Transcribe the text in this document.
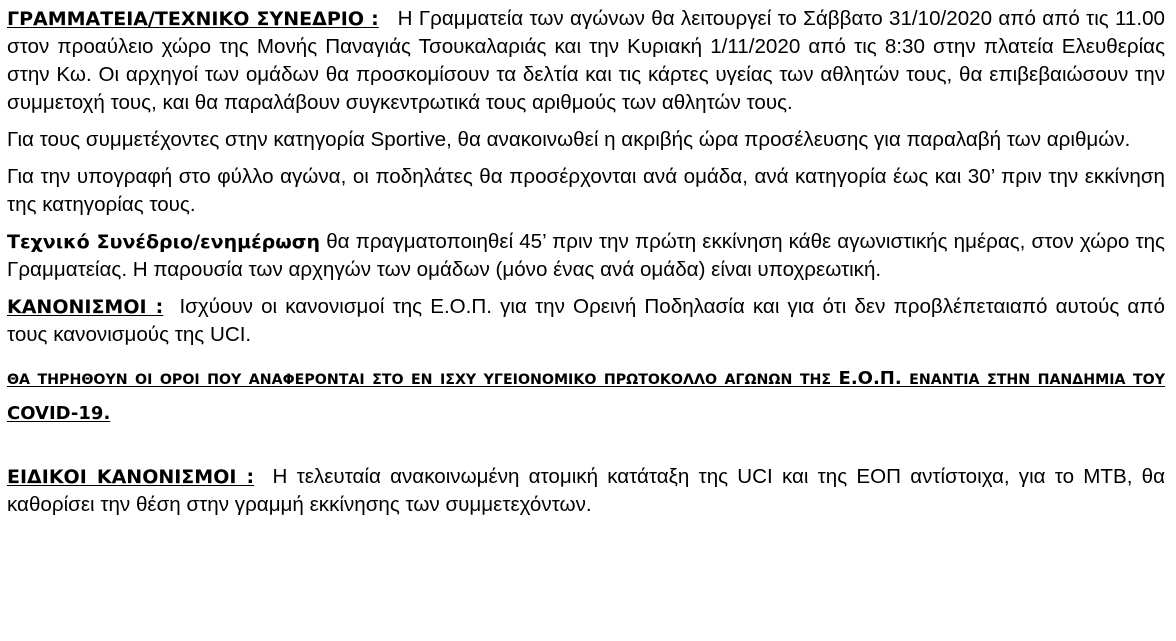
ΓΡΑΜΜΑΤΕΙΑ/ΤΕΧΝΙΚΟ ΣΥΝΕΔΡΙΟ : Η Γραμματεία των αγώνων θα λειτουργεί το Σάββατο 31/10/2020 από από τις 11.00 στον προαύλειο χώρο της Μονής Παναγιάς Τσουκαλαριάς και την Κυριακή 1/11/2020 από τις 8:30 στην πλατεία Ελευθερίας στην Κω. Οι αρχηγοί των ομάδων θα προσκομίσουν τα δελτία και τις κάρτες υγείας των αθλητών τους, θα επιβεβαιώσουν την συμμετοχή τους, και θα παραλάβουν συγκεντρωτικά τους αριθμούς των αθλητών τους.

Για τους συμμετέχοντες στην κατηγορία Sportive, θα ανακοινωθεί η ακριβής ώρα προσέλευσης για παραλαβή των αριθμών.

Για την υπογραφή στο φύλλο αγώνα, οι ποδηλάτες θα προσέρχονται ανά ομάδα, ανά κατηγορία έως και 30’ πριν την εκκίνηση της κατηγορίας τους.

Τεχνικό Συνέδριο/ενημέρωση θα πραγματοποιηθεί 45’ πριν την πρώτη εκκίνηση κάθε αγωνιστικής ημέρας, στον χώρο της Γραμματείας. Η παρουσία των αρχηγών των ομάδων (μόνο ένας ανά ομάδα) είναι υποχρεωτική.

ΚΑΝΟΝΙΣΜΟΙ : Ισχύουν οι κανονισμοί της Ε.Ο.Π. για την Ορεινή Ποδηλασία και για ότι δεν προβλέπεταιαπό αυτούς από τους κανονισμούς της UCI.

ΘΑ ΤΗΡΗΘΟΥΝ ΟΙ ΟΡΟΙ ΠΟΥ ΑΝΑΦΕΡΟΝΤΑΙ ΣΤΟ ΕΝ ΙΣΧΥ ΥΓΕΙΟΝΟΜΙΚΟ ΠΡΩΤΟΚΟΛΛΟ ΑΓΩΝΩΝ ΤΗΣ Ε.Ο.Π. ΕΝΑΝΤΙΑ ΣΤΗΝ ΠΑΝΔΗΜΙΑ ΤΟΥ COVID-19.

ΕΙΔΙΚΟΙ ΚΑΝΟΝΙΣΜΟΙ : Η τελευταία ανακοινωμένη ατομική κατάταξη της UCI και της ΕΟΠ αντίστοιχα, για το MTB, θα καθορίσει την θέση στην γραμμή εκκίνησης των συμμετεχόντων.
